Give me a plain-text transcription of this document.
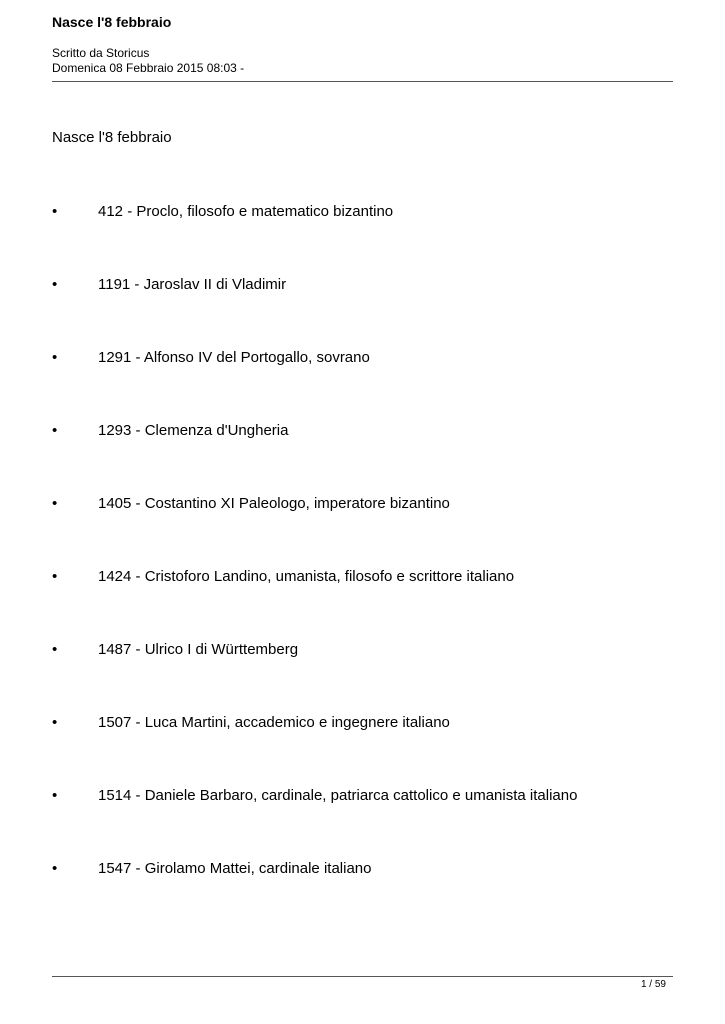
Nasce l'8 febbraio
Scritto da Storicus
Domenica 08 Febbraio 2015 08:03 -
Nasce l'8 febbraio
•	412 - Proclo, filosofo e matematico bizantino
•	1191 - Jaroslav II di Vladimir
•	1291 - Alfonso IV del Portogallo, sovrano
•	1293 - Clemenza d'Ungheria
•	1405 - Costantino XI Paleologo, imperatore bizantino
•	1424 - Cristoforo Landino, umanista, filosofo e scrittore italiano
•	1487 - Ulrico I di Württemberg
•	1507 - Luca Martini, accademico e ingegnere italiano
•	1514 - Daniele Barbaro, cardinale, patriarca cattolico e umanista italiano
•	1547 - Girolamo Mattei, cardinale italiano
1 / 59
